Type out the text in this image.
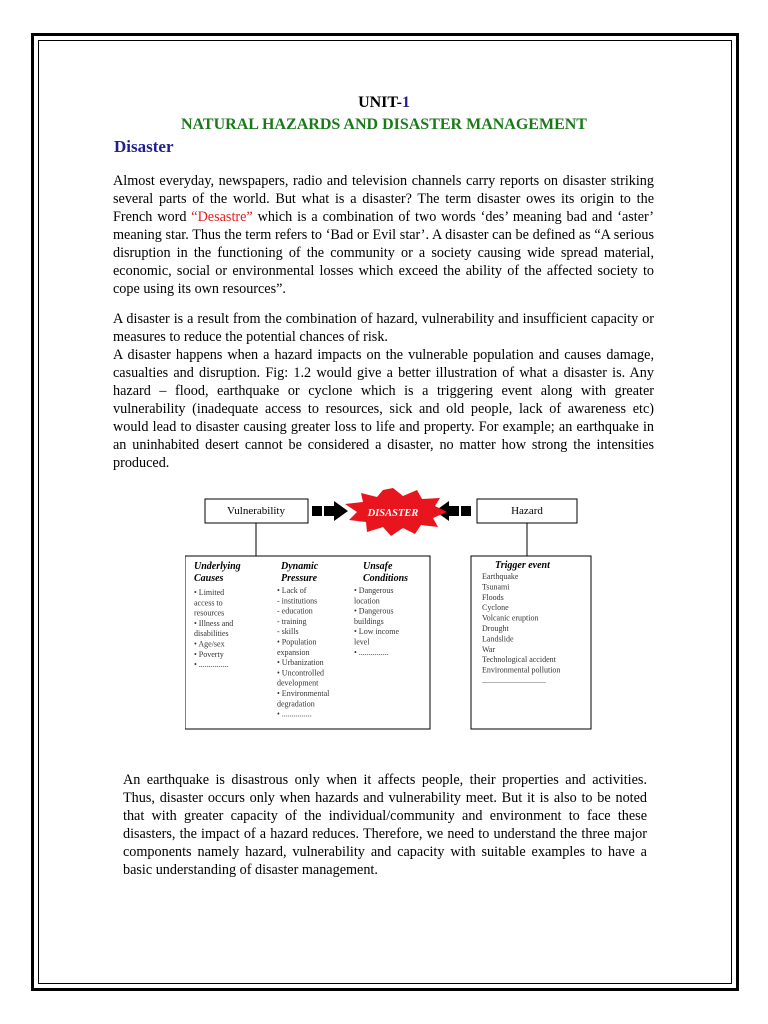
UNIT-1
NATURAL HAZARDS AND DISASTER MANAGEMENT
Disaster

Almost everyday, newspapers, radio and television channels carry reports on disaster striking several parts of the world. But what is a disaster? The term disaster owes its origin to the French word “Desastre” which is a combination of two words ‘des’ meaning bad and ‘aster’ meaning star. Thus the term refers to ‘Bad or Evil star’. A disaster can be defined as “A serious disruption in the functioning of the community or a society causing wide spread material, economic, social or environmental losses which exceed the ability of the affected society to cope using its own resources”.

A disaster is a result from the combination of hazard, vulnerability and insufficient capacity or measures to reduce the potential chances of risk.

A disaster happens when a hazard impacts on the vulnerable population and causes damage, casualties and disruption. Fig: 1.2 would give a better illustration of what a disaster is. Any hazard – flood, earthquake or cyclone which is a triggering event along with greater vulnerability (inadequate access to resources, sick and old people, lack of awareness etc) would lead to disaster causing greater loss to life and property. For example; an earthquake in an uninhabited desert cannot be considered a disaster, no matter how strong the intensities produced.

Vulnerability	Hazard
DISASTER
Underlying
Causes
Dynamic
Pressure
Unsafe
Conditions
Trigger event
• Limited
access to
resources
• Illness and
disabilities
• Age/sex
• Poverty
• ...............
• Lack of
- institutions
- education
- training
- skills
• Population
expansion
• Urbanization
• Uncontrolled
development
• Environmental
degradation
• ...............
• Dangerous
location
• Dangerous
buildings
• Low income
level
• ...............
Earthquake
Tsunami
Floods
Cyclone
Volcanic eruption
Drought
Landslide
War
Technological accident
Environmental pollution
................................

An earthquake is disastrous only when it affects people, their properties and activities. Thus, disaster occurs only when hazards and vulnerability meet. But it is also to be noted that with greater capacity of the individual/community and environment to face these disasters, the impact of a hazard reduces. Therefore, we need to understand the three major components namely hazard, vulnerability and capacity with suitable examples to have a basic understanding of disaster management.
